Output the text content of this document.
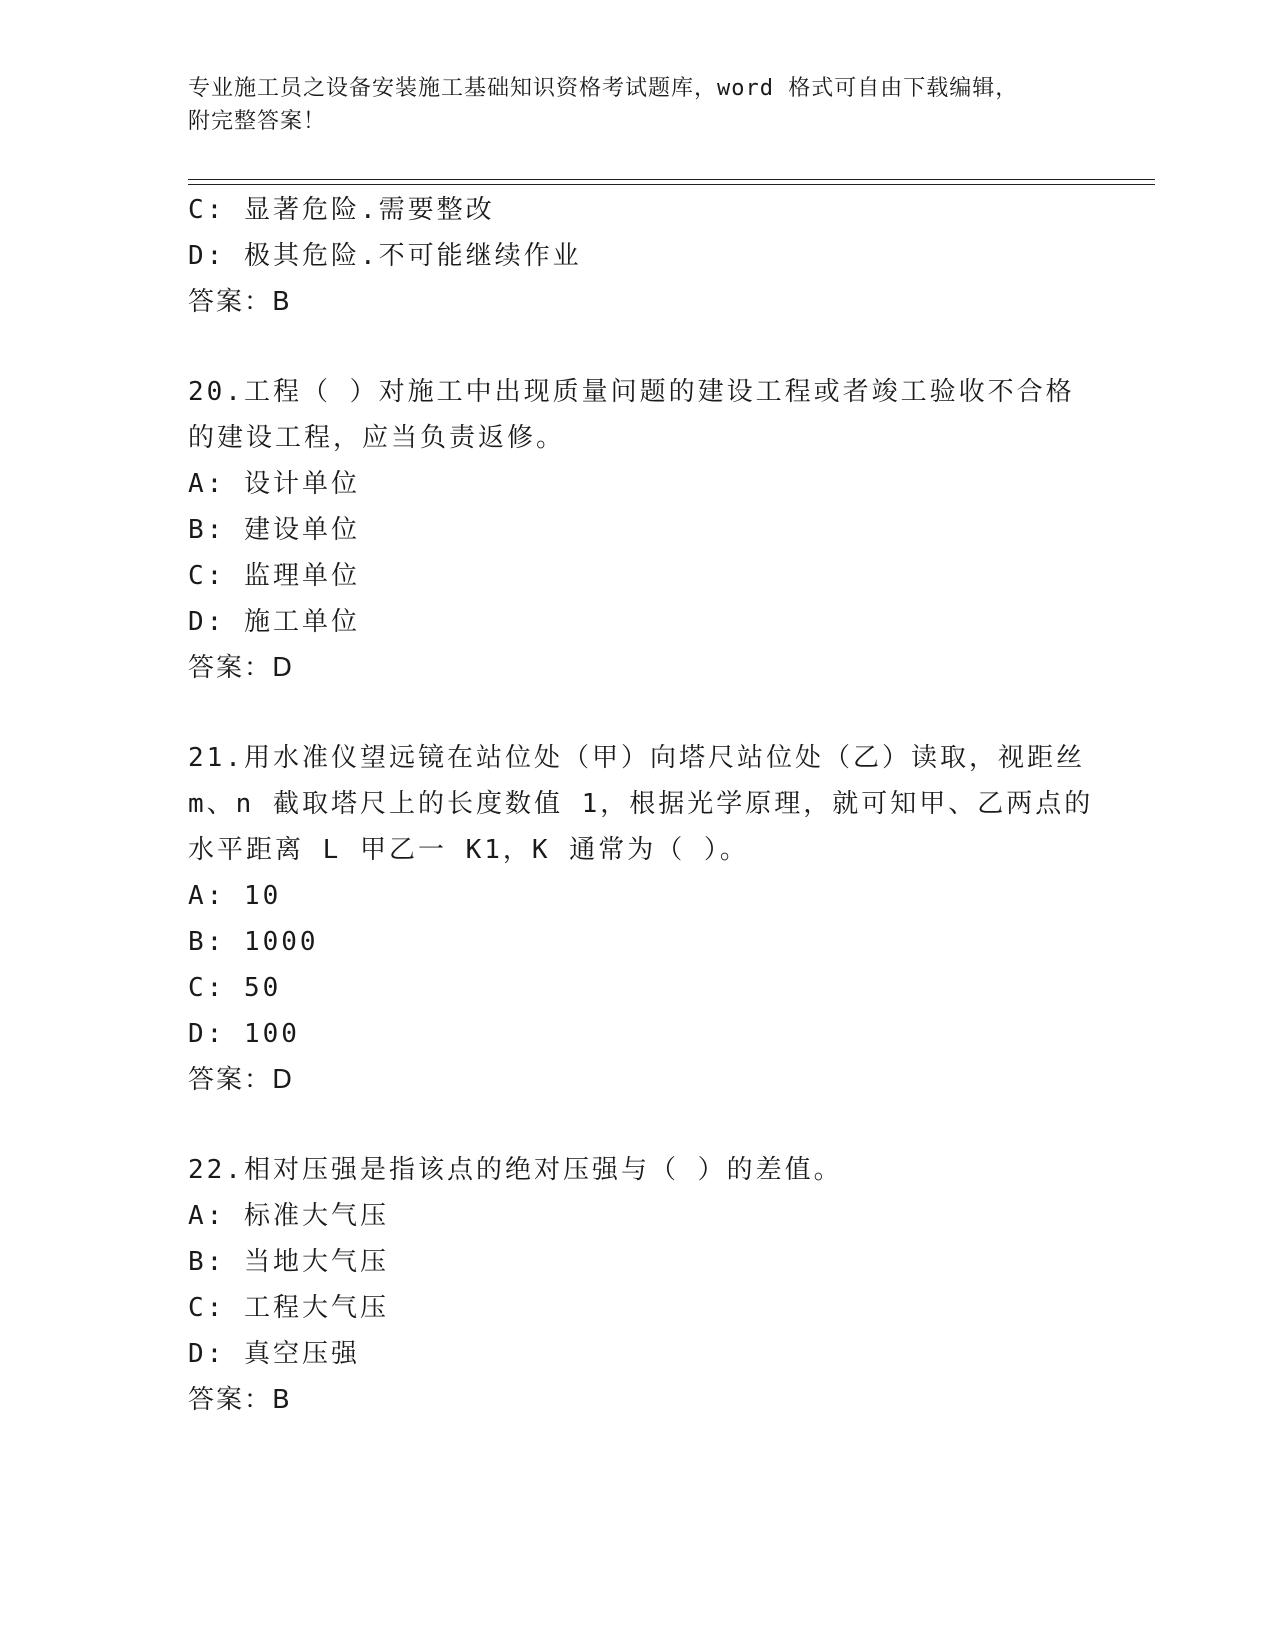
专业施工员之设备安装施工基础知识资格考试题库，word 格式可自由下载编辑，
附完整答案！
C: 显著危险.需要整改
D: 极其危险.不可能继续作业
答案：B
20.工程（ ）对施工中出现质量问题的建设工程或者竣工验收不合格
的建设工程，应当负责返修。
A: 设计单位
B: 建设单位
C: 监理单位
D: 施工单位
答案：D
21.用水准仪望远镜在站位处（甲）向塔尺站位处（乙）读取，视距丝
m、n 截取塔尺上的长度数值 1，根据光学原理，就可知甲、乙两点的
水平距离 L 甲乙一 K1，K 通常为（ ）。
A: 10
B: 1000
C: 50
D: 100
答案：D
22.相对压强是指该点的绝对压强与（ ）的差值。
A: 标准大气压
B: 当地大气压
C: 工程大气压
D: 真空压强
答案：B
